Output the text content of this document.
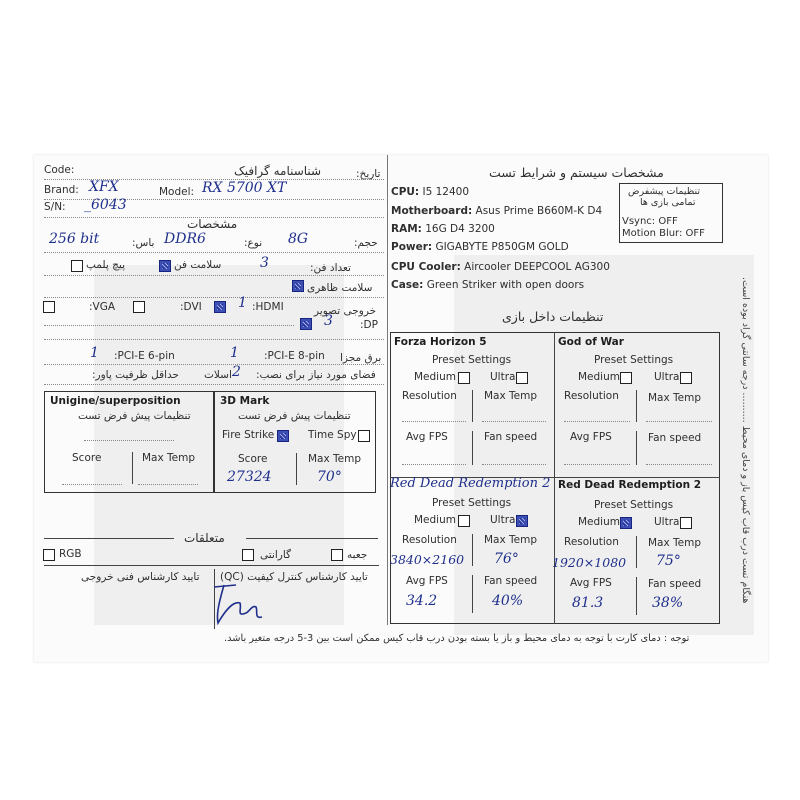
Code:	شناسنامه گرافیک	تاریخ:
Brand: XFX	Model: RX 5700 XT
S/N: _6043
مشخصات
256 bit	باس: DDR6	نوع: 8G	حجم:
پیچ پلمپ	سلامت فن	3	تعداد فن:
سلامت ظاهری
:VGA	:DVI	1 :HDMI	خروجی تصویر
3	:DP
1 :PCI-E 6-pin	1 :PCI-E 8-pin برق مجزا
حداقل ظرفیت پاور: اسلات 2 فضای مورد نیاز برای نصب:
Unigine/superposition
تنظیمات پیش فرض تست
Score	Max Temp
3D Mark
تنظیمات پیش فرض تست
Fire Strike	Time Spy
Score	Max Temp
27324	70°
متعلقات
RGB	گارانتی	جعبه
تایید کارشناس کنترل کیفیت (QC)
تایید کارشناس فنی خروجی
مشخصات سیستم و شرایط تست
CPU: I5 12400
Motherboard: Asus Prime B660M-K D4
RAM: 16G D4 3200
Power: GIGABYTE P850GM GOLD
CPU Cooler: Aircooler DEEPCOOL AG300
Case: Green Striker with open doors
تنظیمات پیشفرض
تمامی بازی ها
Vsync: OFF
Motion Blur: OFF
هنگام تست درب قاب کیس باز و دمای محیط .......... درجه سانتی گراد بوده است.
تنظیمات داخل بازی
Forza Horizon 5
Preset Settings
Medium	Ultra
Resolution	Max Temp
Avg FPS	Fan speed
God of War
Preset Settings
Medium	Ultra
Resolution	Max Temp
Avg FPS	Fan speed
Red Dead Redemption 2
Preset Settings
Medium	Ultra
Resolution	Max Temp
3840×2160 76°
Avg FPS	Fan speed
34.2	40%
Red Dead Redemption 2
Preset Settings
Medium	Ultra
Resolution	Max Temp
1920×1080 75°
Avg FPS	Fan speed
81.3	38%
توجه : دمای کارت با توجه به دمای محیط و باز یا بسته بودن درب قاب کیس ممکن است بین 3-5 درجه متغیر باشد.
